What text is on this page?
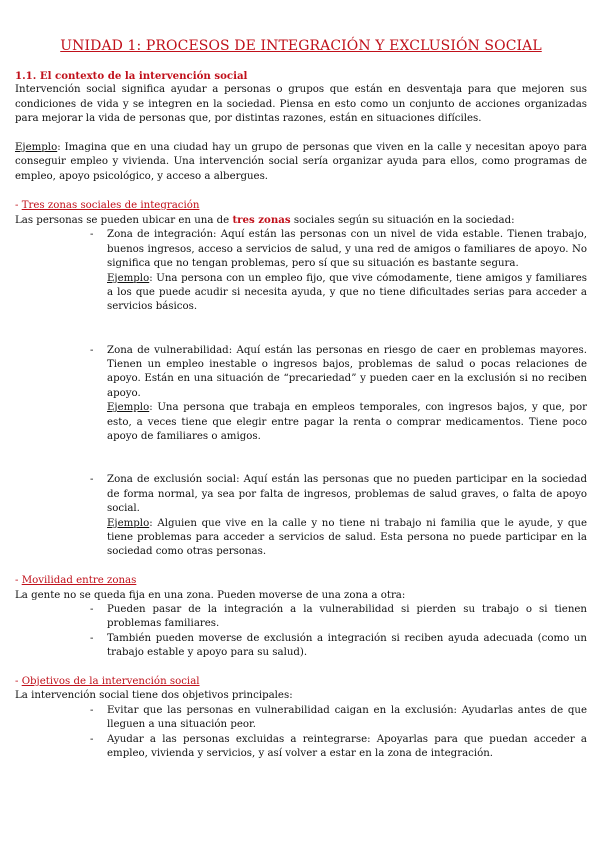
UNIDAD 1: PROCESOS DE INTEGRACIÓN Y EXCLUSIÓN SOCIAL
1.1. El contexto de la intervención social

Intervención social significa ayudar a personas o grupos que están en desventaja para que mejoren sus condiciones de vida y se integren en la sociedad. Piensa en esto como un conjunto de acciones organizadas para mejorar la vida de personas que, por distintas razones, están en situaciones difíciles.

Ejemplo: Imagina que en una ciudad hay un grupo de personas que viven en la calle y necesitan apoyo para conseguir empleo y vivienda. Una intervención social sería organizar ayuda para ellos, como programas de empleo, apoyo psicológico, y acceso a albergues.

- Tres zonas sociales de integración

Las personas se pueden ubicar en una de tres zonas sociales según su situación en la sociedad:

- Zona de integración: Aquí están las personas con un nivel de vida estable. Tienen trabajo, buenos ingresos, acceso a servicios de salud, y una red de amigos o familiares de apoyo. No significa que no tengan problemas, pero sí que su situación es bastante segura.
Ejemplo: Una persona con un empleo fijo, que vive cómodamente, tiene amigos y familiares a los que puede acudir si necesita ayuda, y que no tiene dificultades serias para acceder a servicios básicos.
- Zona de vulnerabilidad: Aquí están las personas en riesgo de caer en problemas mayores. Tienen un empleo inestable o ingresos bajos, problemas de salud o pocas relaciones de apoyo. Están en una situación de “precariedad” y pueden caer en la exclusión si no reciben apoyo.
Ejemplo: Una persona que trabaja en empleos temporales, con ingresos bajos, y que, por esto, a veces tiene que elegir entre pagar la renta o comprar medicamentos. Tiene poco apoyo de familiares o amigos.
- Zona de exclusión social: Aquí están las personas que no pueden participar en la sociedad de forma normal, ya sea por falta de ingresos, problemas de salud graves, o falta de apoyo social.
Ejemplo: Alguien que vive en la calle y no tiene ni trabajo ni familia que le ayude, y que tiene problemas para acceder a servicios de salud. Esta persona no puede participar en la sociedad como otras personas.
- Movilidad entre zonas

La gente no se queda fija en una zona. Pueden moverse de una zona a otra:

- Pueden pasar de la integración a la vulnerabilidad si pierden su trabajo o si tienen problemas familiares.
- También pueden moverse de exclusión a integración si reciben ayuda adecuada (como un trabajo estable y apoyo para su salud).
- Objetivos de la intervención social

La intervención social tiene dos objetivos principales:

- Evitar que las personas en vulnerabilidad caigan en la exclusión: Ayudarlas antes de que lleguen a una situación peor.
- Ayudar a las personas excluidas a reintegrarse: Apoyarlas para que puedan acceder a empleo, vivienda y servicios, y así volver a estar en la zona de integración.
